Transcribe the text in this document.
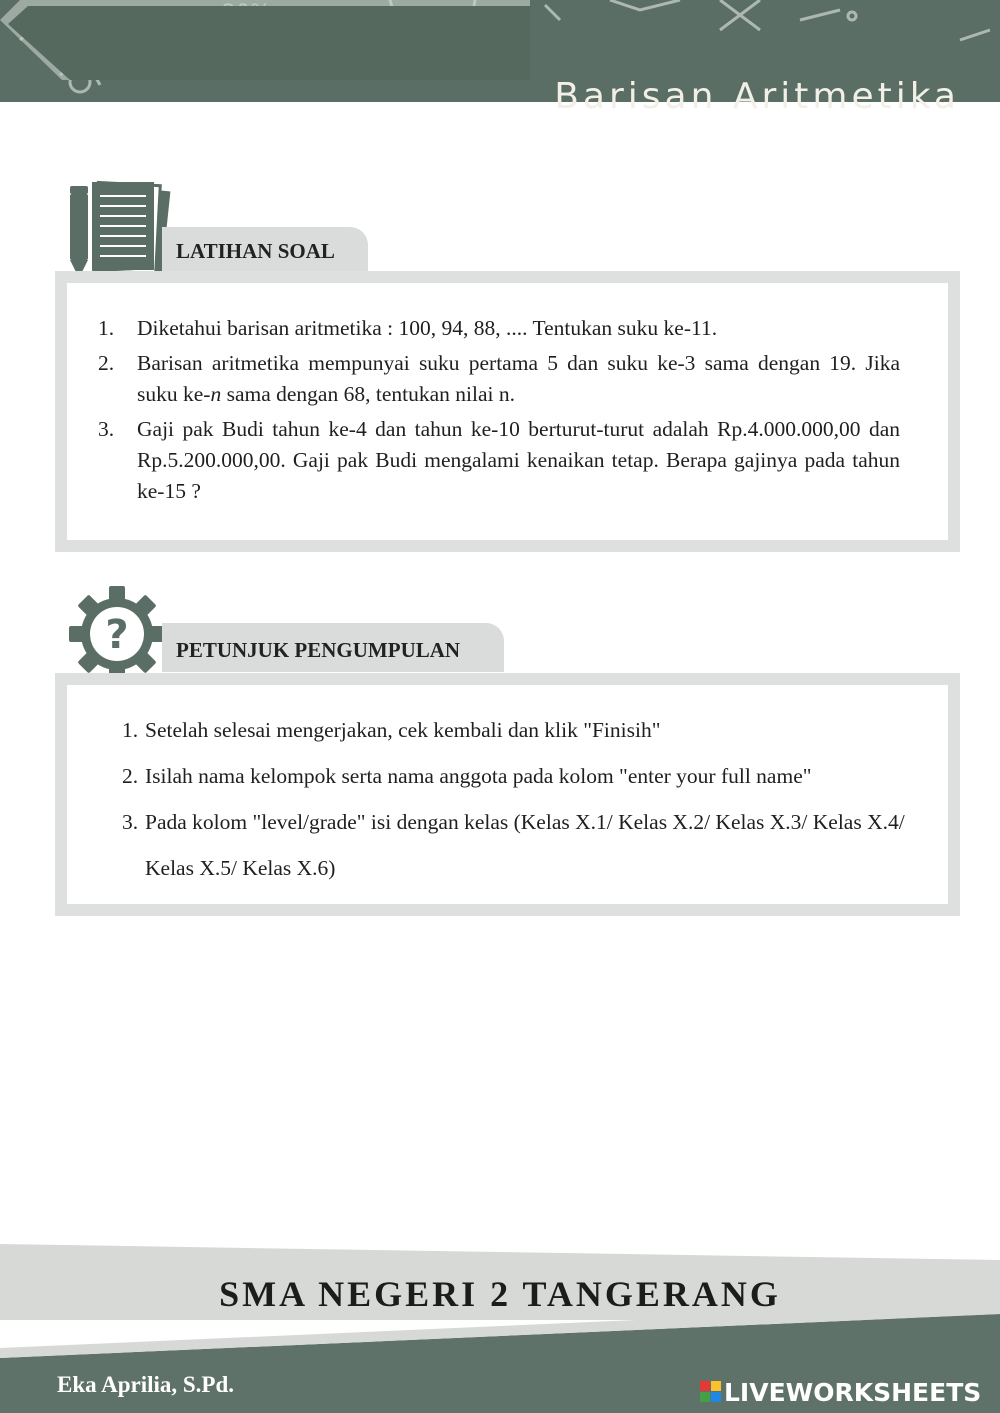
Barisan Aritmetika
LATIHAN SOAL
1. Diketahui barisan aritmetika : 100, 94, 88, .... Tentukan suku ke-11.
2. Barisan aritmetika mempunyai suku pertama 5 dan suku ke-3 sama dengan 19. Jika suku ke-n sama dengan 68, tentukan nilai n.
3. Gaji pak Budi tahun ke-4 dan tahun ke-10 berturut-turut adalah Rp.4.000.000,00 dan Rp.5.200.000,00. Gaji pak Budi mengalami kenaikan tetap. Berapa gajinya pada tahun ke-15 ?
?	PETUNJUK PENGUMPULAN
1. Setelah selesai mengerjakan, cek kembali dan klik "Finisih"
2. Isilah nama kelompok serta nama anggota pada kolom "enter your full name"
3. Pada kolom "level/grade" isi dengan kelas (Kelas X.1/ Kelas X.2/ Kelas X.3/ Kelas X.4/ Kelas X.5/ Kelas X.6)
SMA NEGERI 2 TANGERANG
Eka Aprilia, S.Pd.	LIVEWORKSHEETS
